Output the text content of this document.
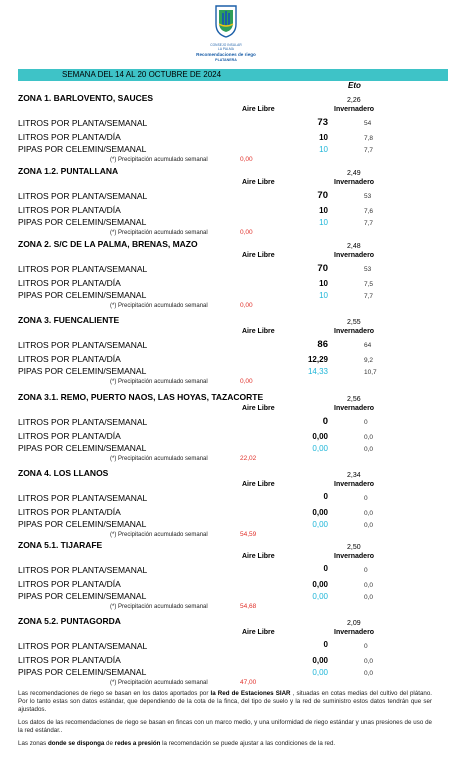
CONSEJO INSULAR
LA PALMA
Recomendaciones de riego
PLATANERA
SEMANA DEL 14 AL 20 OCTUBRE DE 2024
Eto
ZONA 1. BARLOVENTO, SAUCES	2,26
Aire Libre	Invernadero
LITROS POR PLANTA/SEMANAL	73	54
LITROS POR PLANTA/DÍA	10	7,8
PIPAS POR CELEMIN/SEMANAL	10	7,7
(*) Precipitación acumulado semanal	0,00
ZONA 1.2. PUNTALLANA	2,49
Aire Libre	Invernadero
LITROS POR PLANTA/SEMANAL	70	53
LITROS POR PLANTA/DÍA	10	7,6
PIPAS POR CELEMIN/SEMANAL	10	7,7
(*) Precipitación acumulado semanal	0,00
ZONA 2. S/C DE LA PALMA, BRENAS, MAZO	2,48
Aire Libre	Invernadero
LITROS POR PLANTA/SEMANAL	70	53
LITROS POR PLANTA/DÍA	10	7,5
PIPAS POR CELEMIN/SEMANAL	10	7,7
(*) Precipitación acumulado semanal	0,00
ZONA 3. FUENCALIENTE	2,55
Aire Libre	Invernadero
LITROS POR PLANTA/SEMANAL	86	64
LITROS POR PLANTA/DÍA	12,29	9,2
PIPAS POR CELEMIN/SEMANAL	14,33	10,7
(*) Precipitación acumulado semanal	0,00
ZONA 3.1. REMO, PUERTO NAOS, LAS HOYAS, TAZACORTE	2,56
Aire Libre	Invernadero
LITROS POR PLANTA/SEMANAL	0	0
LITROS POR PLANTA/DÍA	0,00	0,0
PIPAS POR CELEMIN/SEMANAL	0,00	0,0
(*) Precipitación acumulado semanal	22,02
ZONA 4. LOS LLANOS	2,34
Aire Libre	Invernadero
LITROS POR PLANTA/SEMANAL	0	0
LITROS POR PLANTA/DÍA	0,00	0,0
PIPAS POR CELEMIN/SEMANAL	0,00	0,0
(*) Precipitación acumulado semanal	54,59
ZONA 5.1. TIJARAFE	2,50
Aire Libre	Invernadero
LITROS POR PLANTA/SEMANAL	0	0
LITROS POR PLANTA/DÍA	0,00	0,0
PIPAS POR CELEMIN/SEMANAL	0,00	0,0
(*) Precipitación acumulado semanal	54,68
ZONA 5.2. PUNTAGORDA	2,09
Aire Libre	Invernadero
LITROS POR PLANTA/SEMANAL	0	0
LITROS POR PLANTA/DÍA	0,00	0,0
PIPAS POR CELEMIN/SEMANAL	0,00	0,0
(*) Precipitación acumulado semanal	47,00

Las recomendaciones de riego se basan en los datos aportados por la Red de Estaciones SIAR , situadas en cotas medias del cultivo del plátano. Por lo tanto estas son datos estándar, que dependiendo de la cota de la finca, del tipo de suelo y la red de suministro estos datos tendrán que ser ajustados.

Los datos de las recomendaciones de riego se basan en fincas con un marco medio, y una uniformidad de riego estándar y unas presiones de uso de la red estándar..

Las zonas donde se disponga de redes a presión la recomendación se puede ajustar a las condiciones de la red.
